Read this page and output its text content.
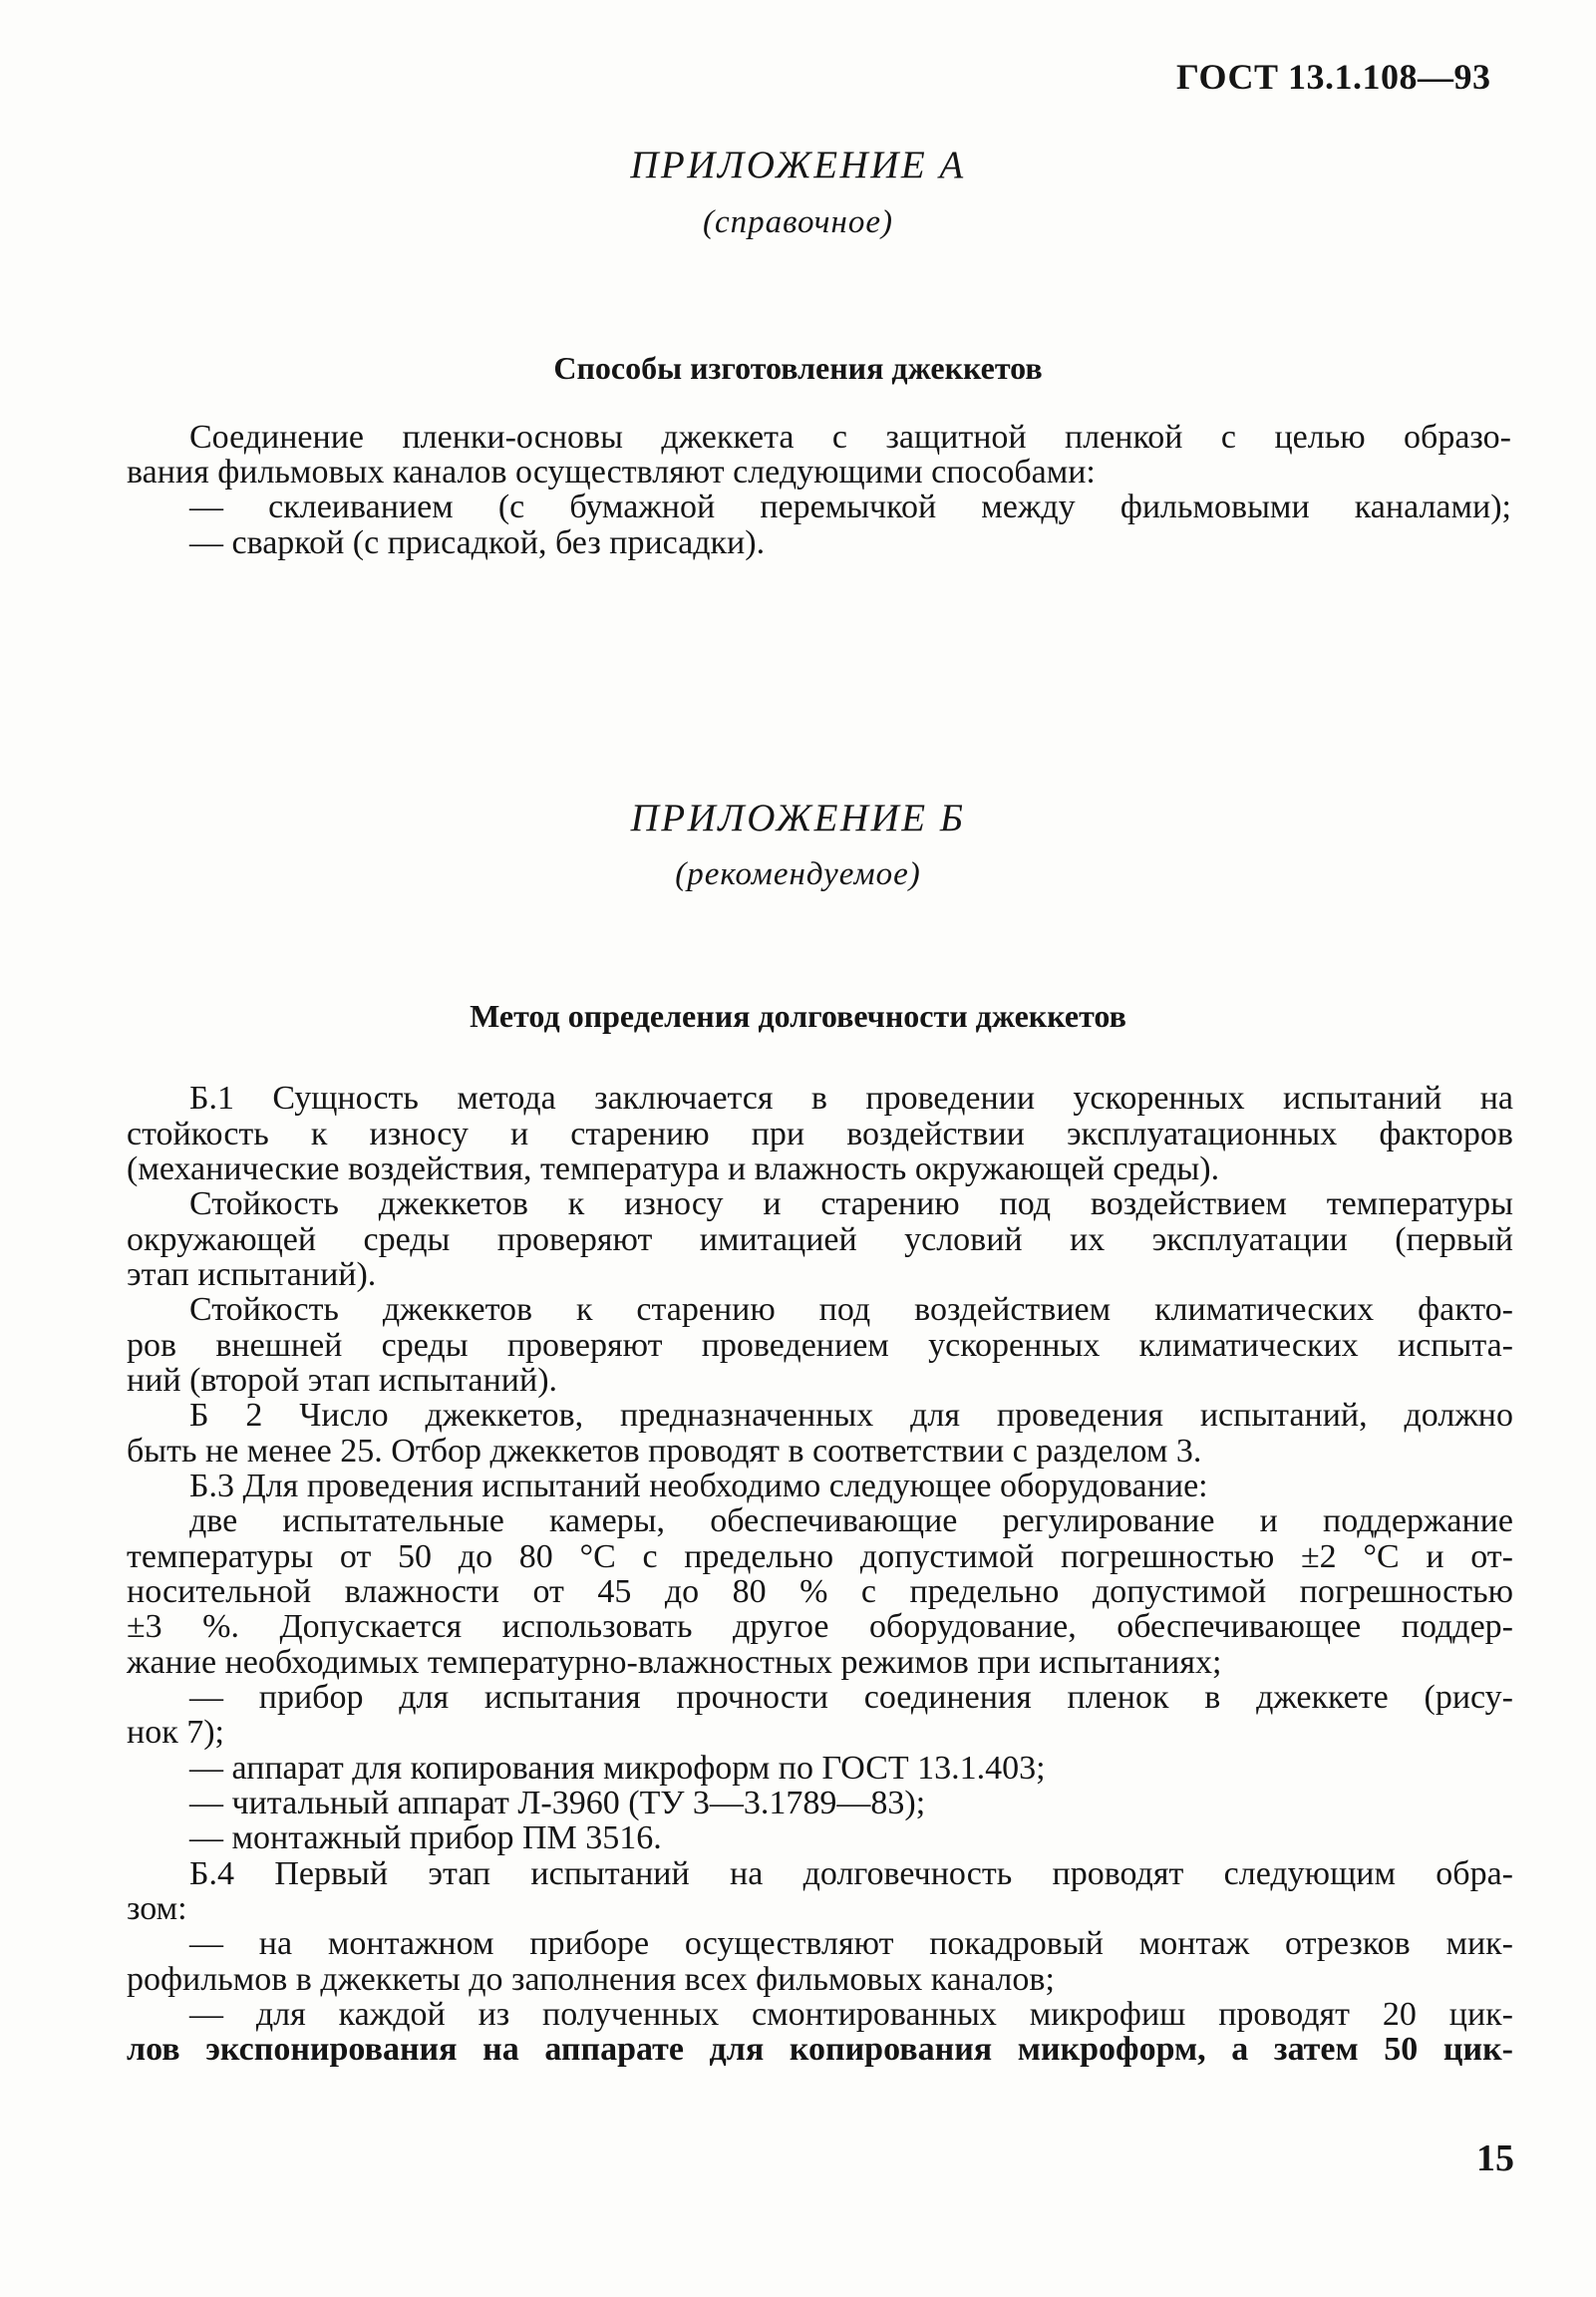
ГОСТ 13.1.108—93
ПРИЛОЖЕНИЕ А
(справочное)
Способы изготовления джеккетов
Соединение пленки-основы джеккета с защитной пленкой с целью образо-
вания фильмовых каналов осуществляют следующими способами:
— склеиванием (с бумажной перемычкой между фильмовыми каналами);
— сваркой (с присадкой, без присадки).
ПРИЛОЖЕНИЕ Б
(рекомендуемое)
Метод определения долговечности джеккетов
Б.1 Сущность метода заключается в проведении ускоренных испытаний на
стойкость к износу и старению при воздействии эксплуатационных факторов
(механические воздействия, температура и влажность окружающей среды).
Стойкость джеккетов к износу и старению под воздействием температуры
окружающей среды проверяют имитацией условий их эксплуатации (первый
этап испытаний).
Стойкость джеккетов к старению под воздействием климатических факто-
ров внешней среды проверяют проведением ускоренных климатических испыта-
ний (второй этап испытаний).
Б 2 Число джеккетов, предназначенных для проведения испытаний, должно
быть не менее 25. Отбор джеккетов проводят в соответствии с разделом 3.
Б.3 Для проведения испытаний необходимо следующее оборудование:
две испытательные камеры, обеспечивающие регулирование и поддержание
температуры от 50 до 80 °С с предельно допустимой погрешностью ±2 °С и от-
носительной влажности от 45 до 80 % с предельно допустимой погрешностью
±3 %. Допускается использовать другое оборудование, обеспечивающее поддер-
жание необходимых температурно-влажностных режимов при испытаниях;
— прибор для испытания прочности соединения пленок в джеккете (рису-
нок 7);
— аппарат для копирования микроформ по ГОСТ 13.1.403;
— читальный аппарат Л-3960 (ТУ 3—3.1789—83);
— монтажный прибор ПМ 3516.
Б.4 Первый этап испытаний на долговечность проводят следующим обра-
зом:
— на монтажном приборе осуществляют покадровый монтаж отрезков мик-
рофильмов в джеккеты до заполнения всех фильмовых каналов;
— для каждой из полученных смонтированных микрофиш проводят 20 цик-
лов экспонирования на аппарате для копирования микроформ, а затем 50 цик-
15
